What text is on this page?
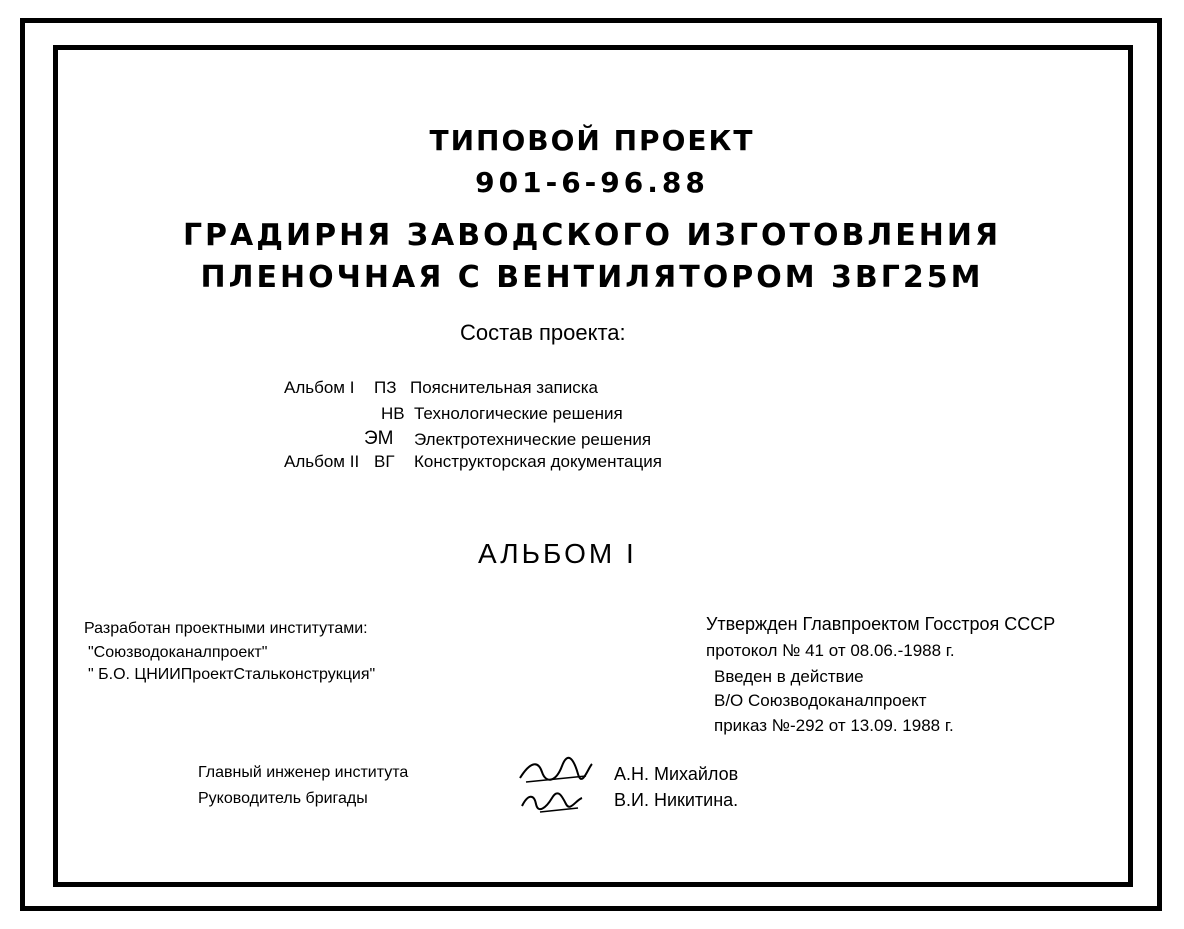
ТИПОВОЙ ПРОЕКТ
901-6-96.88
ГРАДИРНЯ ЗАВОДСКОГО ИЗГОТОВЛЕНИЯ
ПЛЕНОЧНАЯ С ВЕНТИЛЯТОРОМ 3ВГ25М
Состав проекта:
Альбом I ПЗ Пояснительная записка
НВ Технологические решения
ЭМ Электротехнические решения
Альбом II ВГ Конструкторская документация
АЛЬБОМ I
Разработан проектными институтами:
"Союзводоканалпроект"
" Б.О. ЦНИИПроектСтальконструкция"
Утвержден Главпроектом Госстроя СССР
протокол № 41 от 08.06.-1988 г.
Введен в действие
В/О Союзводоканалпроект
приказ №-292 от 13.09. 1988 г.
Главный инженер института	А.Н. Михайлов
Руководитель бригады	В.И. Никитина.
